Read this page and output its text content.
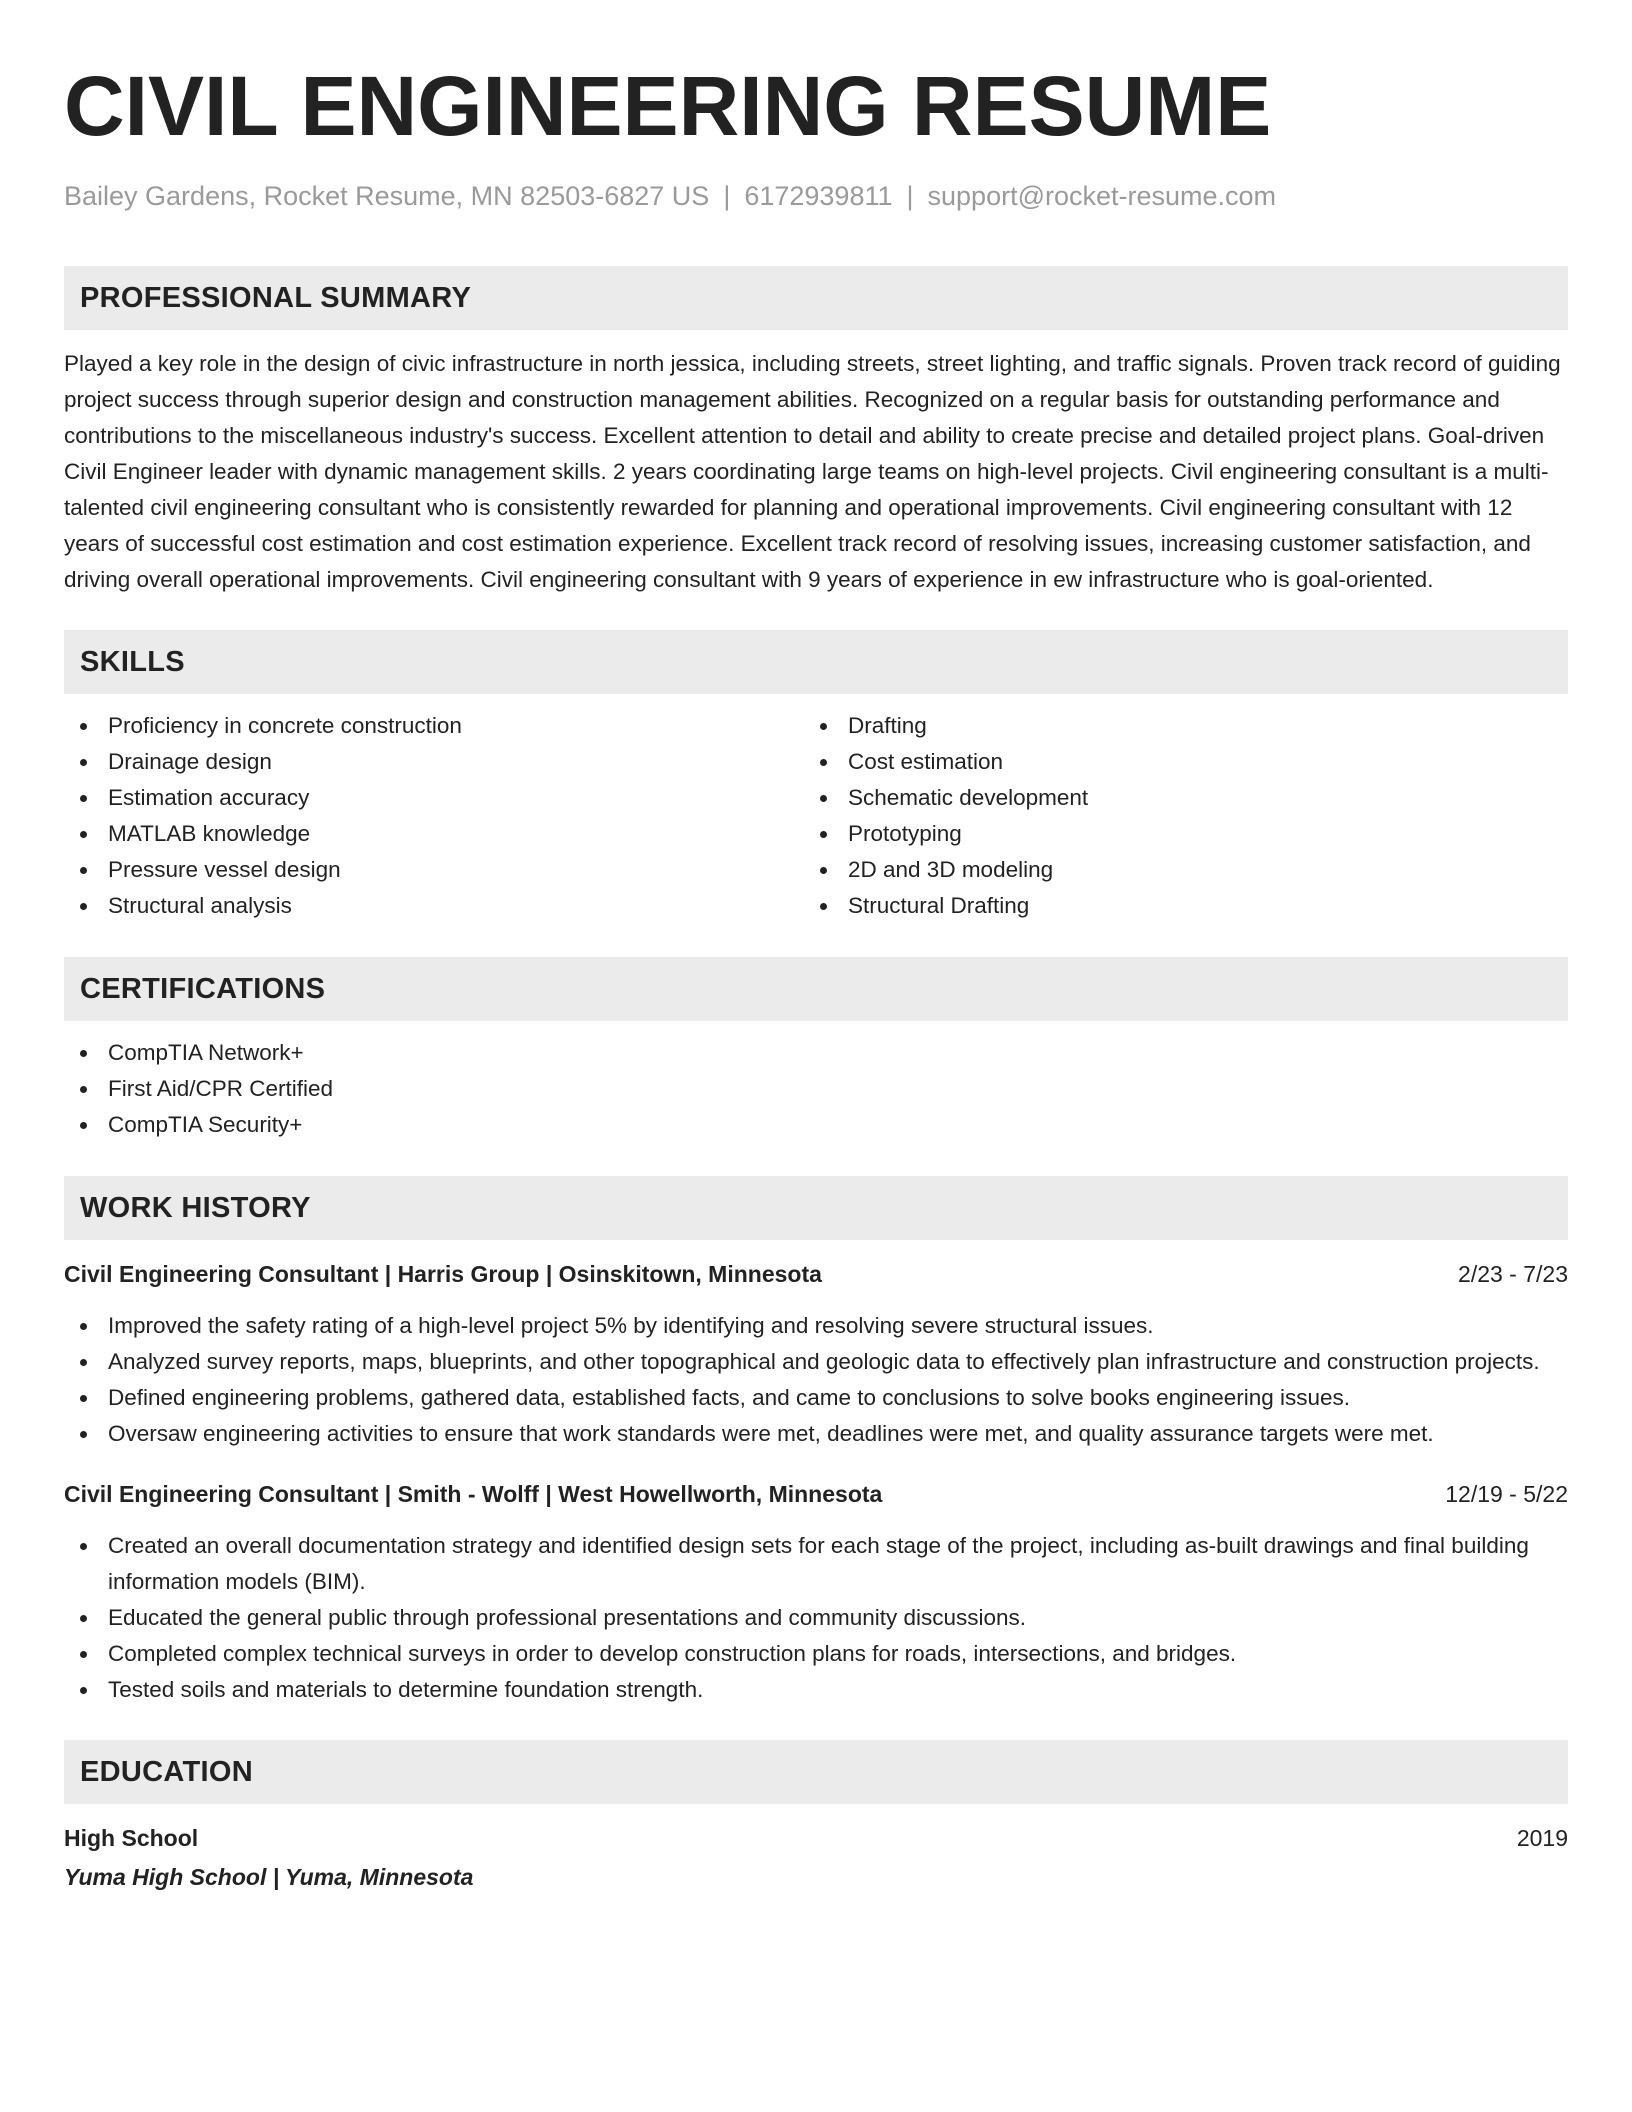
CIVIL ENGINEERING RESUME
Bailey Gardens, Rocket Resume, MN 82503-6827 US | 6172939811 | support@rocket-resume.com
PROFESSIONAL SUMMARY

Played a key role in the design of civic infrastructure in north jessica, including streets, street lighting, and traffic signals. Proven track record of guiding project success through superior design and construction management abilities. Recognized on a regular basis for outstanding performance and contributions to the miscellaneous industry's success. Excellent attention to detail and ability to create precise and detailed project plans. Goal-driven Civil Engineer leader with dynamic management skills. 2 years coordinating large teams on high-level projects. Civil engineering consultant is a multi-talented civil engineering consultant who is consistently rewarded for planning and operational improvements. Civil engineering consultant with 12 years of successful cost estimation and cost estimation experience. Excellent track record of resolving issues, increasing customer satisfaction, and driving overall operational improvements. Civil engineering consultant with 9 years of experience in ew infrastructure who is goal-oriented.

SKILLS
Proficiency in concrete construction
Drainage design
Estimation accuracy
MATLAB knowledge
Pressure vessel design
Structural analysis
Drafting
Cost estimation
Schematic development
Prototyping
2D and 3D modeling
Structural Drafting
CERTIFICATIONS
CompTIA Network+
First Aid/CPR Certified
CompTIA Security+
WORK HISTORY
Civil Engineering Consultant | Harris Group | Osinskitown, Minnesota	2/23 - 7/23
Improved the safety rating of a high-level project 5% by identifying and resolving severe structural issues.
Analyzed survey reports, maps, blueprints, and other topographical and geologic data to effectively plan infrastructure and construction projects.
Defined engineering problems, gathered data, established facts, and came to conclusions to solve books engineering issues.
Oversaw engineering activities to ensure that work standards were met, deadlines were met, and quality assurance targets were met.
Civil Engineering Consultant | Smith - Wolff | West Howellworth, Minnesota	12/19 - 5/22
Created an overall documentation strategy and identified design sets for each stage of the project, including as-built drawings and final building information models (BIM).
Educated the general public through professional presentations and community discussions.
Completed complex technical surveys in order to develop construction plans for roads, intersections, and bridges.
Tested soils and materials to determine foundation strength.
EDUCATION
High School	2019
Yuma High School | Yuma, Minnesota
